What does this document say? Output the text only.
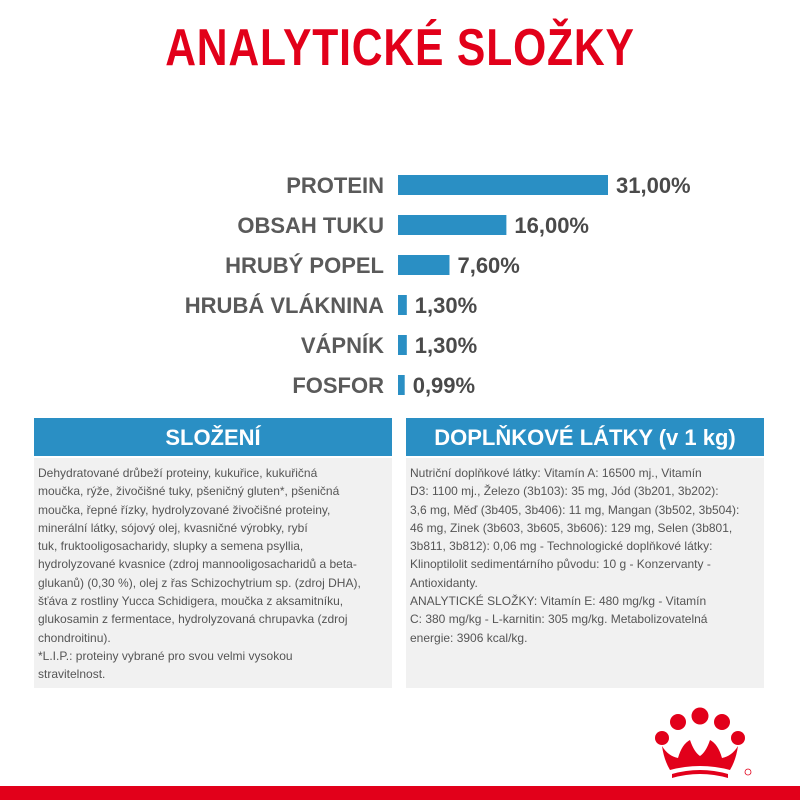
ANALYTICKÉ SLOŽKY
PROTEIN	31,00%
OBSAH TUKU	16,00%
HRUBÝ POPEL	7,60%
HRUBÁ VLÁKNINA 1,30%
VÁPNÍK 1,30%
FOSFOR 0,99%
SLOŽENÍ

Dehydratované drůbeží proteiny, kukuřice, kukuřičná

moučka, rýže, živočišné tuky, pšeničný gluten*, pšeničná

moučka, řepné řízky, hydrolyzované živočišné proteiny,

minerální látky, sójový olej, kvasničné výrobky, rybí

tuk, fruktooligosacharidy, slupky a semena psyllia,

hydrolyzované kvasnice (zdroj mannooligosacharidů a beta-

glukanů) (0,30 %), olej z řas Schizochytrium sp. (zdroj DHA),

šťáva z rostliny Yucca Schidigera, moučka z aksamitníku,

glukosamin z fermentace, hydrolyzovaná chrupavka (zdroj

chondroitinu).

*L.I.P.: proteiny vybrané pro svou velmi vysokou

stravitelnost.

DOPLŇKOVÉ LÁTKY (v 1 kg)

Nutriční doplňkové látky: Vitamín A: 16500 mj., Vitamín

D3: 1100 mj., Železo (3b103): 35 mg, Jód (3b201, 3b202):

3,6 mg, Měď (3b405, 3b406): 11 mg, Mangan (3b502, 3b504):

46 mg, Zinek (3b603, 3b605, 3b606): 129 mg, Selen (3b801,

3b811, 3b812): 0,06 mg - Technologické doplňkové látky:

Klinoptilolit sedimentárního původu: 10 g - Konzervanty -

Antioxidanty.

ANALYTICKÉ SLOŽKY: Vitamín E: 480 mg/kg - Vitamín

C: 380 mg/kg - L-karnitin: 305 mg/kg. Metabolizovatelná

energie: 3906 kcal/kg.
